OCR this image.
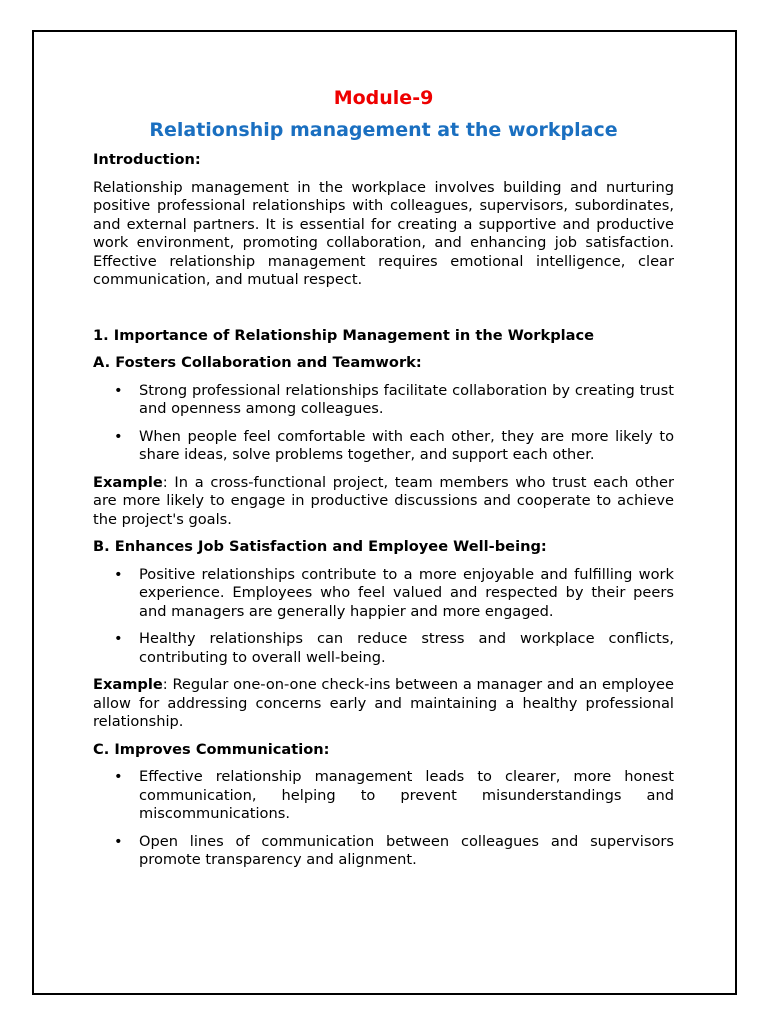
Module-9
Relationship management at the workplace
Introduction:
Relationship management in the workplace involves building and nurturing positive professional relationships with colleagues, supervisors, subordinates, and external partners. It is essential for creating a supportive and productive work environment, promoting collaboration, and enhancing job satisfaction. Effective relationship management requires emotional intelligence, clear communication, and mutual respect.
1. Importance of Relationship Management in the Workplace
A. Fosters Collaboration and Teamwork:
• Strong professional relationships facilitate collaboration by creating trust and openness among colleagues.
• When people feel comfortable with each other, they are more likely to share ideas, solve problems together, and support each other.
Example: In a cross-functional project, team members who trust each other are more likely to engage in productive discussions and cooperate to achieve the project's goals.
B. Enhances Job Satisfaction and Employee Well-being:
• Positive relationships contribute to a more enjoyable and fulfilling work experience. Employees who feel valued and respected by their peers and managers are generally happier and more engaged.
• Healthy relationships can reduce stress and workplace conflicts, contributing to overall well-being.
Example: Regular one-on-one check-ins between a manager and an employee allow for addressing concerns early and maintaining a healthy professional relationship.
C. Improves Communication:
• Effective relationship management leads to clearer, more honest communication, helping to prevent misunderstandings and miscommunications.
• Open lines of communication between colleagues and supervisors promote transparency and alignment.
